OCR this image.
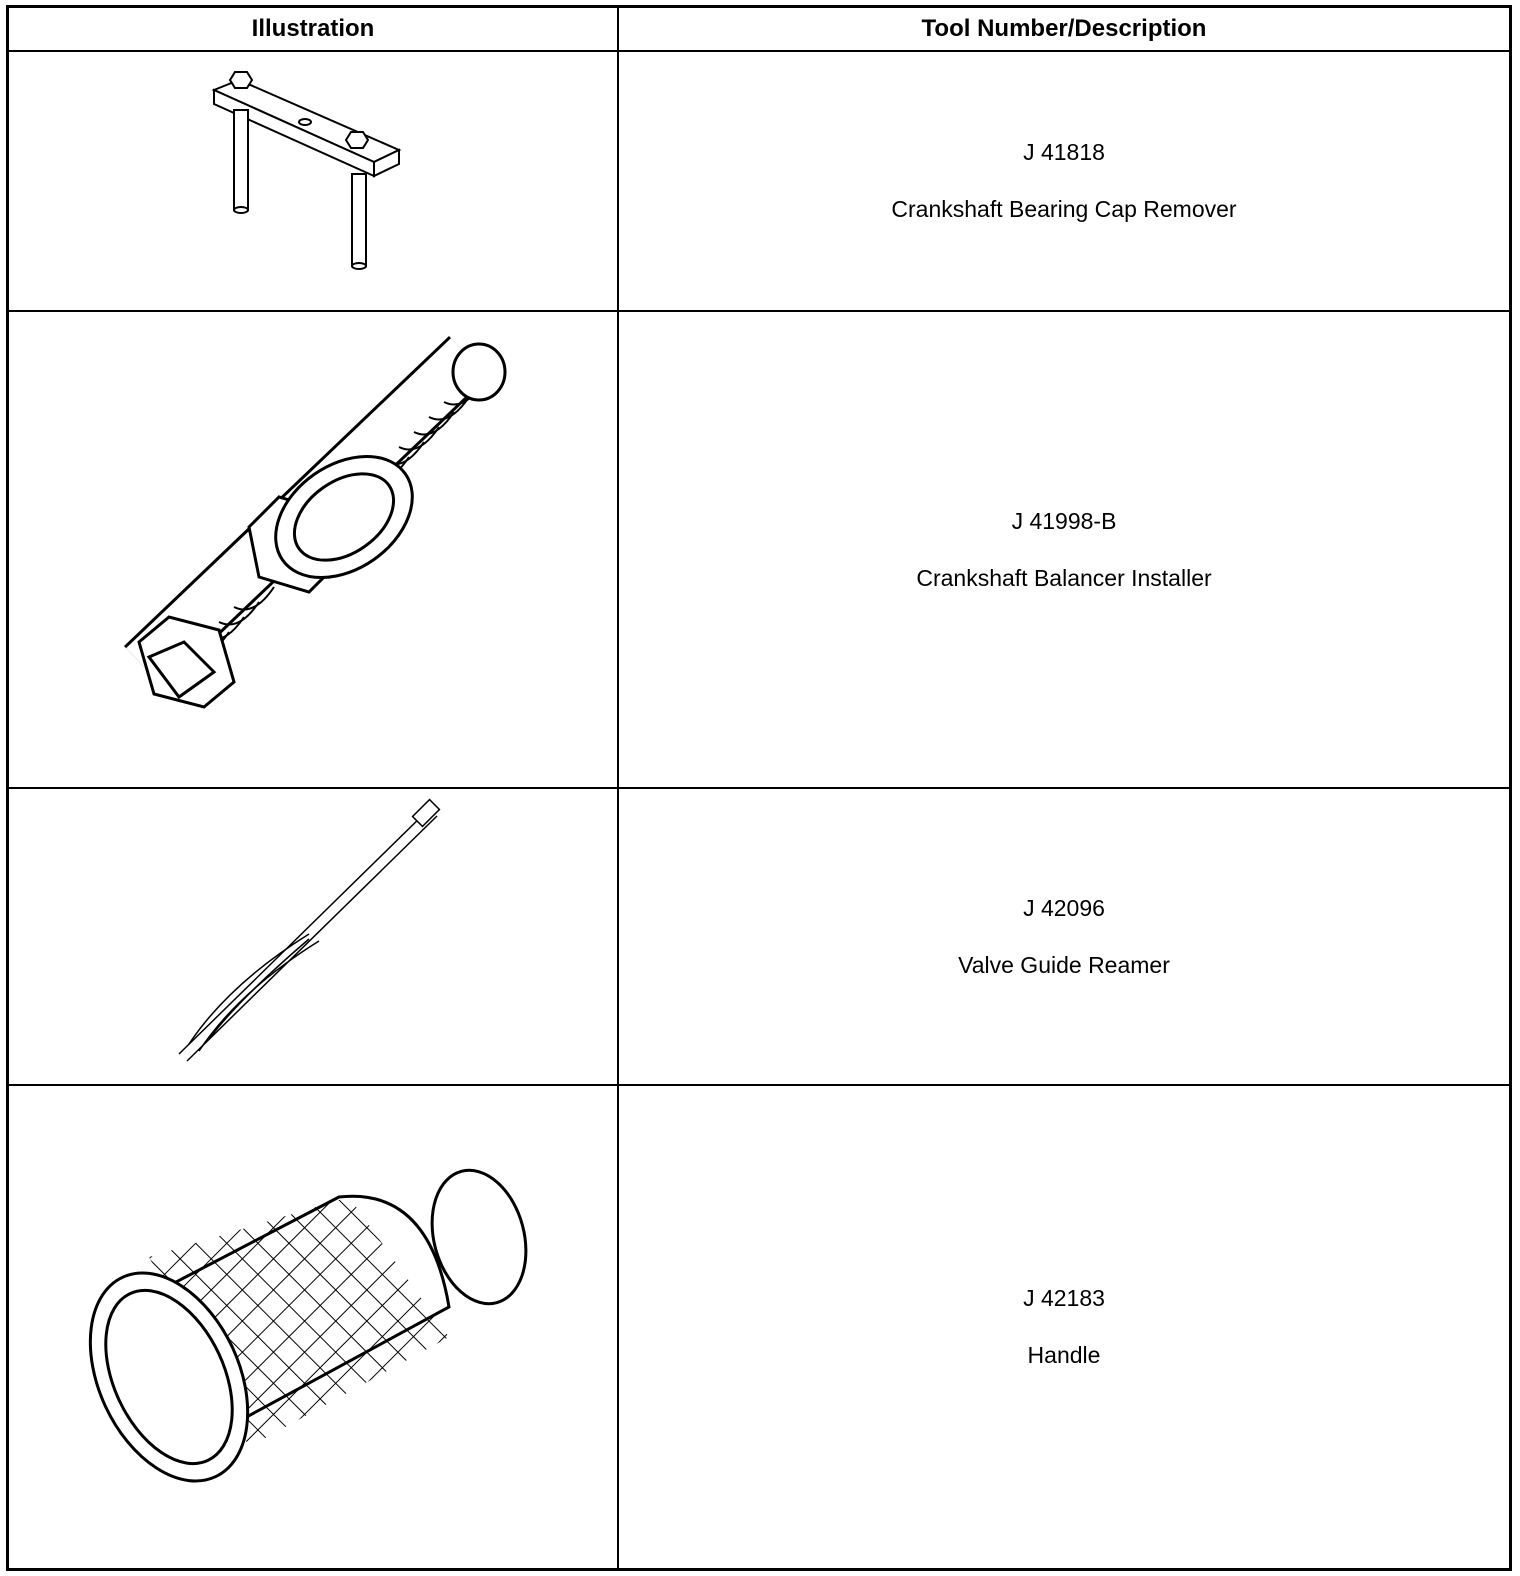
Illustration	Tool Number/Description
J 41818
Crankshaft Bearing Cap Remover
J 41998-B
Crankshaft Balancer Installer
J 42096
Valve Guide Reamer
J 42183
Handle
